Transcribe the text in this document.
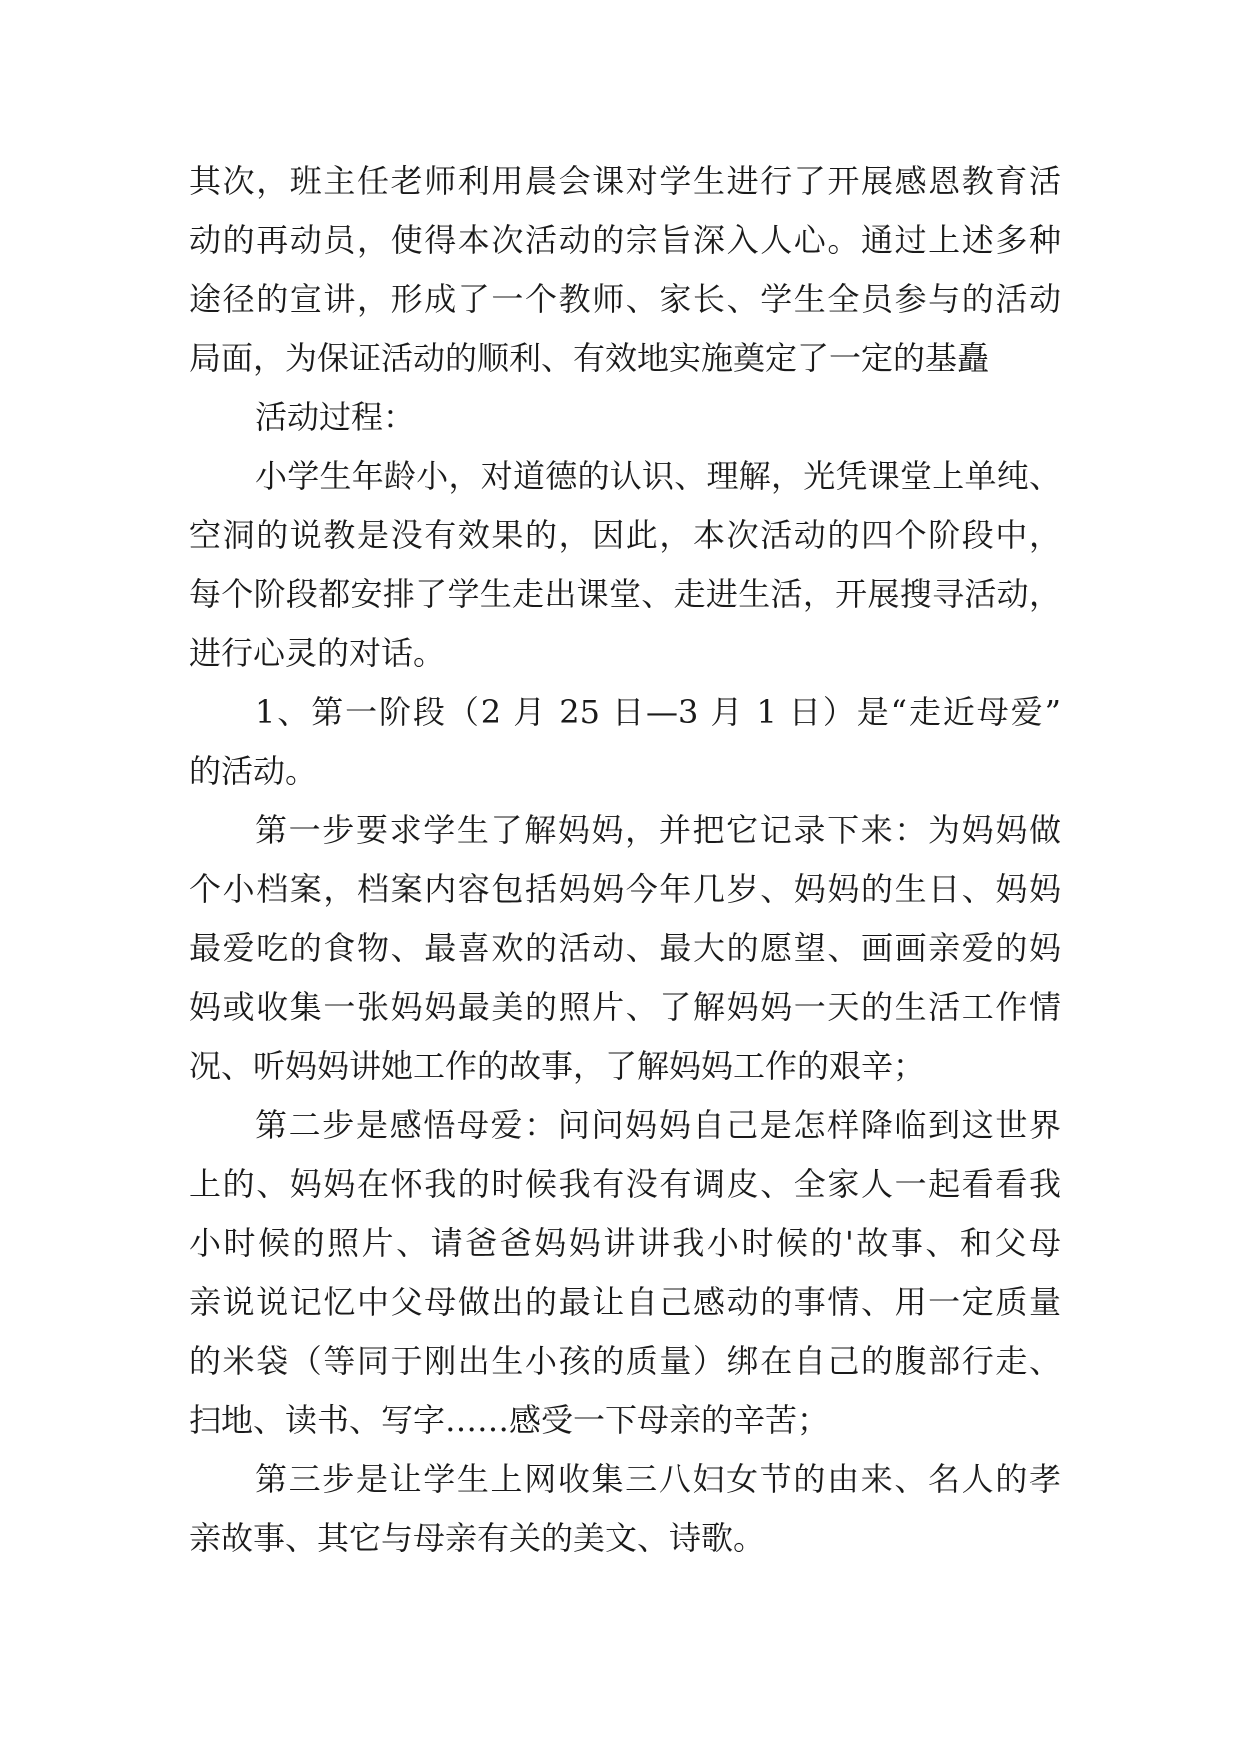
其次，班主任老师利用晨会课对学生进行了开展感恩教育活
动的再动员，使得本次活动的宗旨深入人心。通过上述多种
途径的宣讲，形成了一个教师、家长、学生全员参与的活动
局面，为保证活动的顺利、有效地实施奠定了一定的基矗
活动过程：
小学生年龄小，对道德的认识、理解，光凭课堂上单纯、
空洞的说教是没有效果的，因此，本次活动的四个阶段中，
每个阶段都安排了学生走出课堂、走进生活，开展搜寻活动，
进行心灵的对话。
1、第一阶段（2 月 25 日—3 月 1 日）是“走近母爱”
的活动。
第一步要求学生了解妈妈，并把它记录下来：为妈妈做
个小档案，档案内容包括妈妈今年几岁、妈妈的生日、妈妈
最爱吃的食物、最喜欢的活动、最大的愿望、画画亲爱的妈
妈或收集一张妈妈最美的照片、了解妈妈一天的生活工作情
况、听妈妈讲她工作的故事，了解妈妈工作的艰辛；
第二步是感悟母爱：问问妈妈自己是怎样降临到这世界
上的、妈妈在怀我的时候我有没有调皮、全家人一起看看我
小时候的照片、请爸爸妈妈讲讲我小时候的'故事、和父母
亲说说记忆中父母做出的最让自己感动的事情、用一定质量
的米袋（等同于刚出生小孩的质量）绑在自己的腹部行走、
扫地、读书、写字……感受一下母亲的辛苦；
第三步是让学生上网收集三八妇女节的由来、名人的孝
亲故事、其它与母亲有关的美文、诗歌。
